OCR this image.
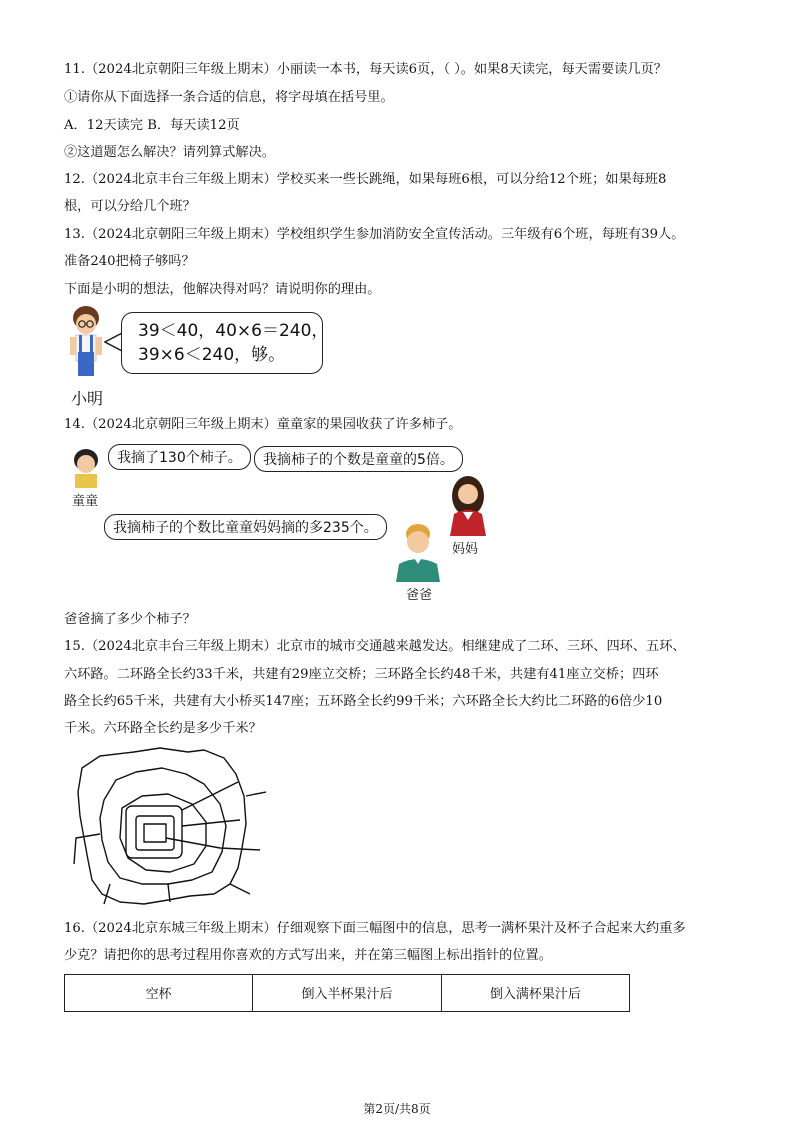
11.（2024北京朝阳三年级上期末）小丽读一本书，每天读6页，（ ）。如果8天读完，每天需要读几页？
①请你从下面选择一条合适的信息，将字母填在括号里。
A．12天读完 B．每天读12页
②这道题怎么解决？请列算式解决。
12.（2024北京丰台三年级上期末）学校买来一些长跳绳，如果每班6根，可以分给12个班；如果每班8
根，可以分给几个班？
13.（2024北京朝阳三年级上期末）学校组织学生参加消防安全宣传活动。三年级有6个班，每班有39人。
准备240把椅子够吗？
下面是小明的想法，他解决得对吗？请说明你的理由。
39＜40，40×6＝240，
39×6＜240，够。
小明
14.（2024北京朝阳三年级上期末）童童家的果园收获了许多柿子。
童童
我摘了130个柿子。 我摘柿子的个数是童童的5倍。
妈妈
我摘柿子的个数比童童妈妈摘的多235个。
爸爸
爸爸摘了多少个柿子？
15.（2024北京丰台三年级上期末）北京市的城市交通越来越发达。相继建成了二环、三环、四环、五环、
六环路。二环路全长约33千米，共建有29座立交桥；三环路全长约48千米，共建有41座立交桥；四环
路全长约65千米，共建有大小桥买147座；五环路全长约99千米；六环路全长大约比二环路的6倍少10
千米。六环路全长约是多少千米？
16.（2024北京东城三年级上期末）仔细观察下面三幅图中的信息，思考一满杯果汁及杯子合起来大约重多
少克？请把你的思考过程用你喜欢的方式写出来，并在第三幅图上标出指针的位置。
空杯	倒入半杯果汁后	倒入满杯果汁后
第2页/共8页
